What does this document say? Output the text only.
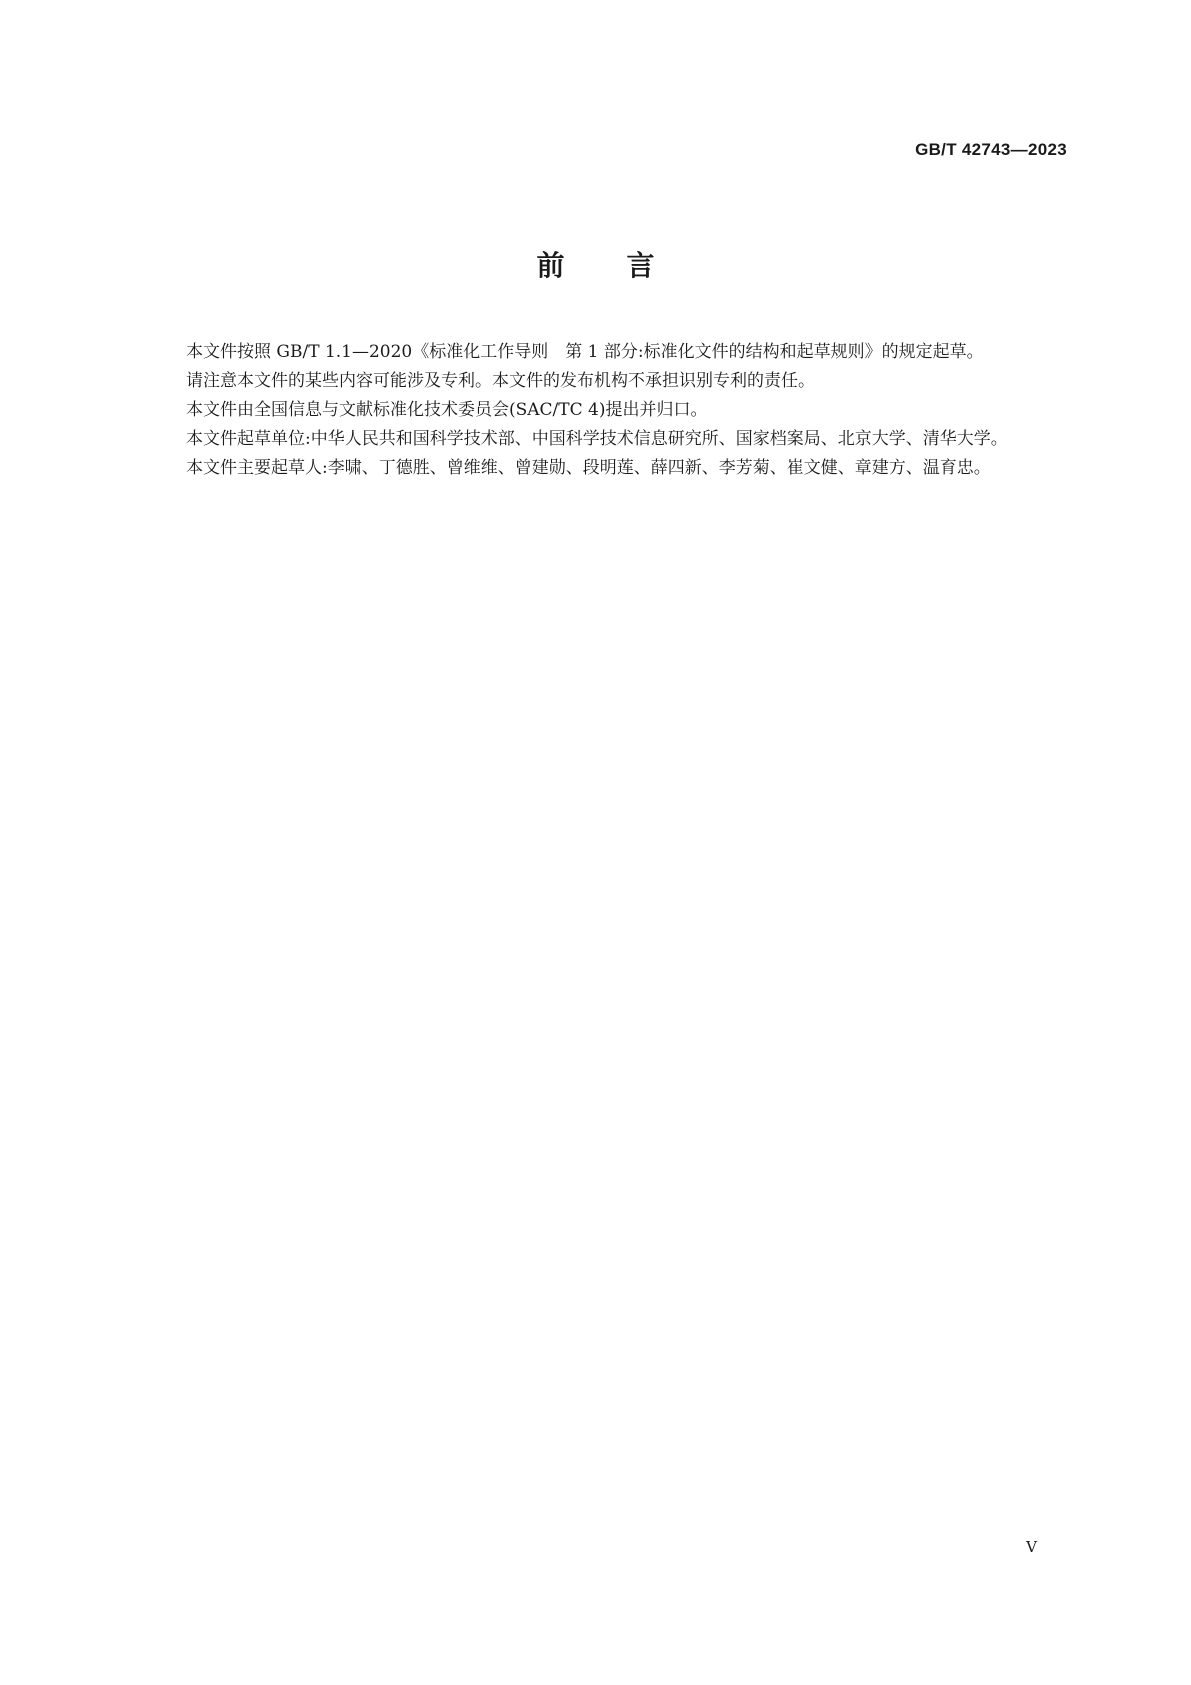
GB/T 42743—2023
前言

本文件按照 GB/T 1.1—2020《标准化工作导则　第 1 部分:标准化文件的结构和起草规则》的规定起草。

请注意本文件的某些内容可能涉及专利。本文件的发布机构不承担识别专利的责任。

本文件由全国信息与文献标准化技术委员会(SAC/TC 4)提出并归口。

本文件起草单位:中华人民共和国科学技术部、中国科学技术信息研究所、国家档案局、北京大学、清华大学。

本文件主要起草人:李啸、丁德胜、曾维维、曾建勋、段明莲、薛四新、李芳菊、崔文健、章建方、温育忠。

V
